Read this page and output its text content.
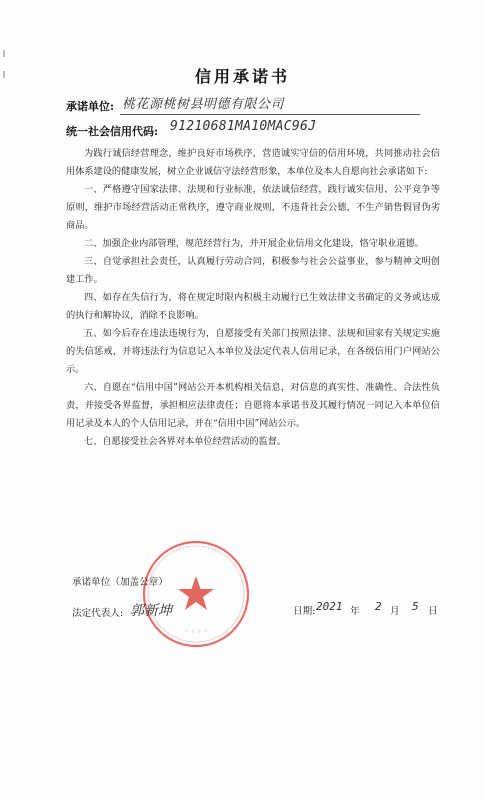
信用承诺书
承诺单位: 桃花源桃树县明德有限公司
统一社会信用代码: 91210681MA10MAC96J

为践行诚信经营理念，维护良好市场秩序，营造诚实守信的信用环境，共同推动社会信用体系建设的健康发展，树立企业诚信守法经营形象，本单位及本人自愿向社会承诺如下:

一、严格遵守国家法律、法规和行业标准，依法诚信经营，践行诚实信用、公平竞争等原则，维护市场经营活动正常秩序，遵守商业规则，不违背社会公德，不生产销售假冒伪劣商品。

二、加强企业内部管理，规范经营行为，并开展企业信用文化建设，恪守职业道德。

三、自觉承担社会责任，认真履行劳动合同，积极参与社会公益事业，参与精神文明创建工作。

四、如存在失信行为，将在规定时限内积极主动履行已生效法律文书确定的义务或达成的执行和解协议，消除不良影响。

五、如今后存在违法违规行为，自愿接受有关部门按照法律、法规和国家有关规定实施的失信惩戒，并将违法行为信息记入本单位及法定代表人信用记录，在各级信用门户网站公示。

六、自愿在“信用中国”网站公开本机构相关信息，对信息的真实性、准确性、合法性负责，并接受各界监督，承担相应法律责任；自愿将本承诺书及其履行情况一同记入本单位信用记录及本人的个人信用记录，并在“信用中国”网站公示。

七、自愿接受社会各界对本单位经营活动的监督。

◦ ◦ ◦ ◦
承诺单位（加盖公章）
法定代表人: 郭新坤	日期: 2021 年 2 月 5 日
